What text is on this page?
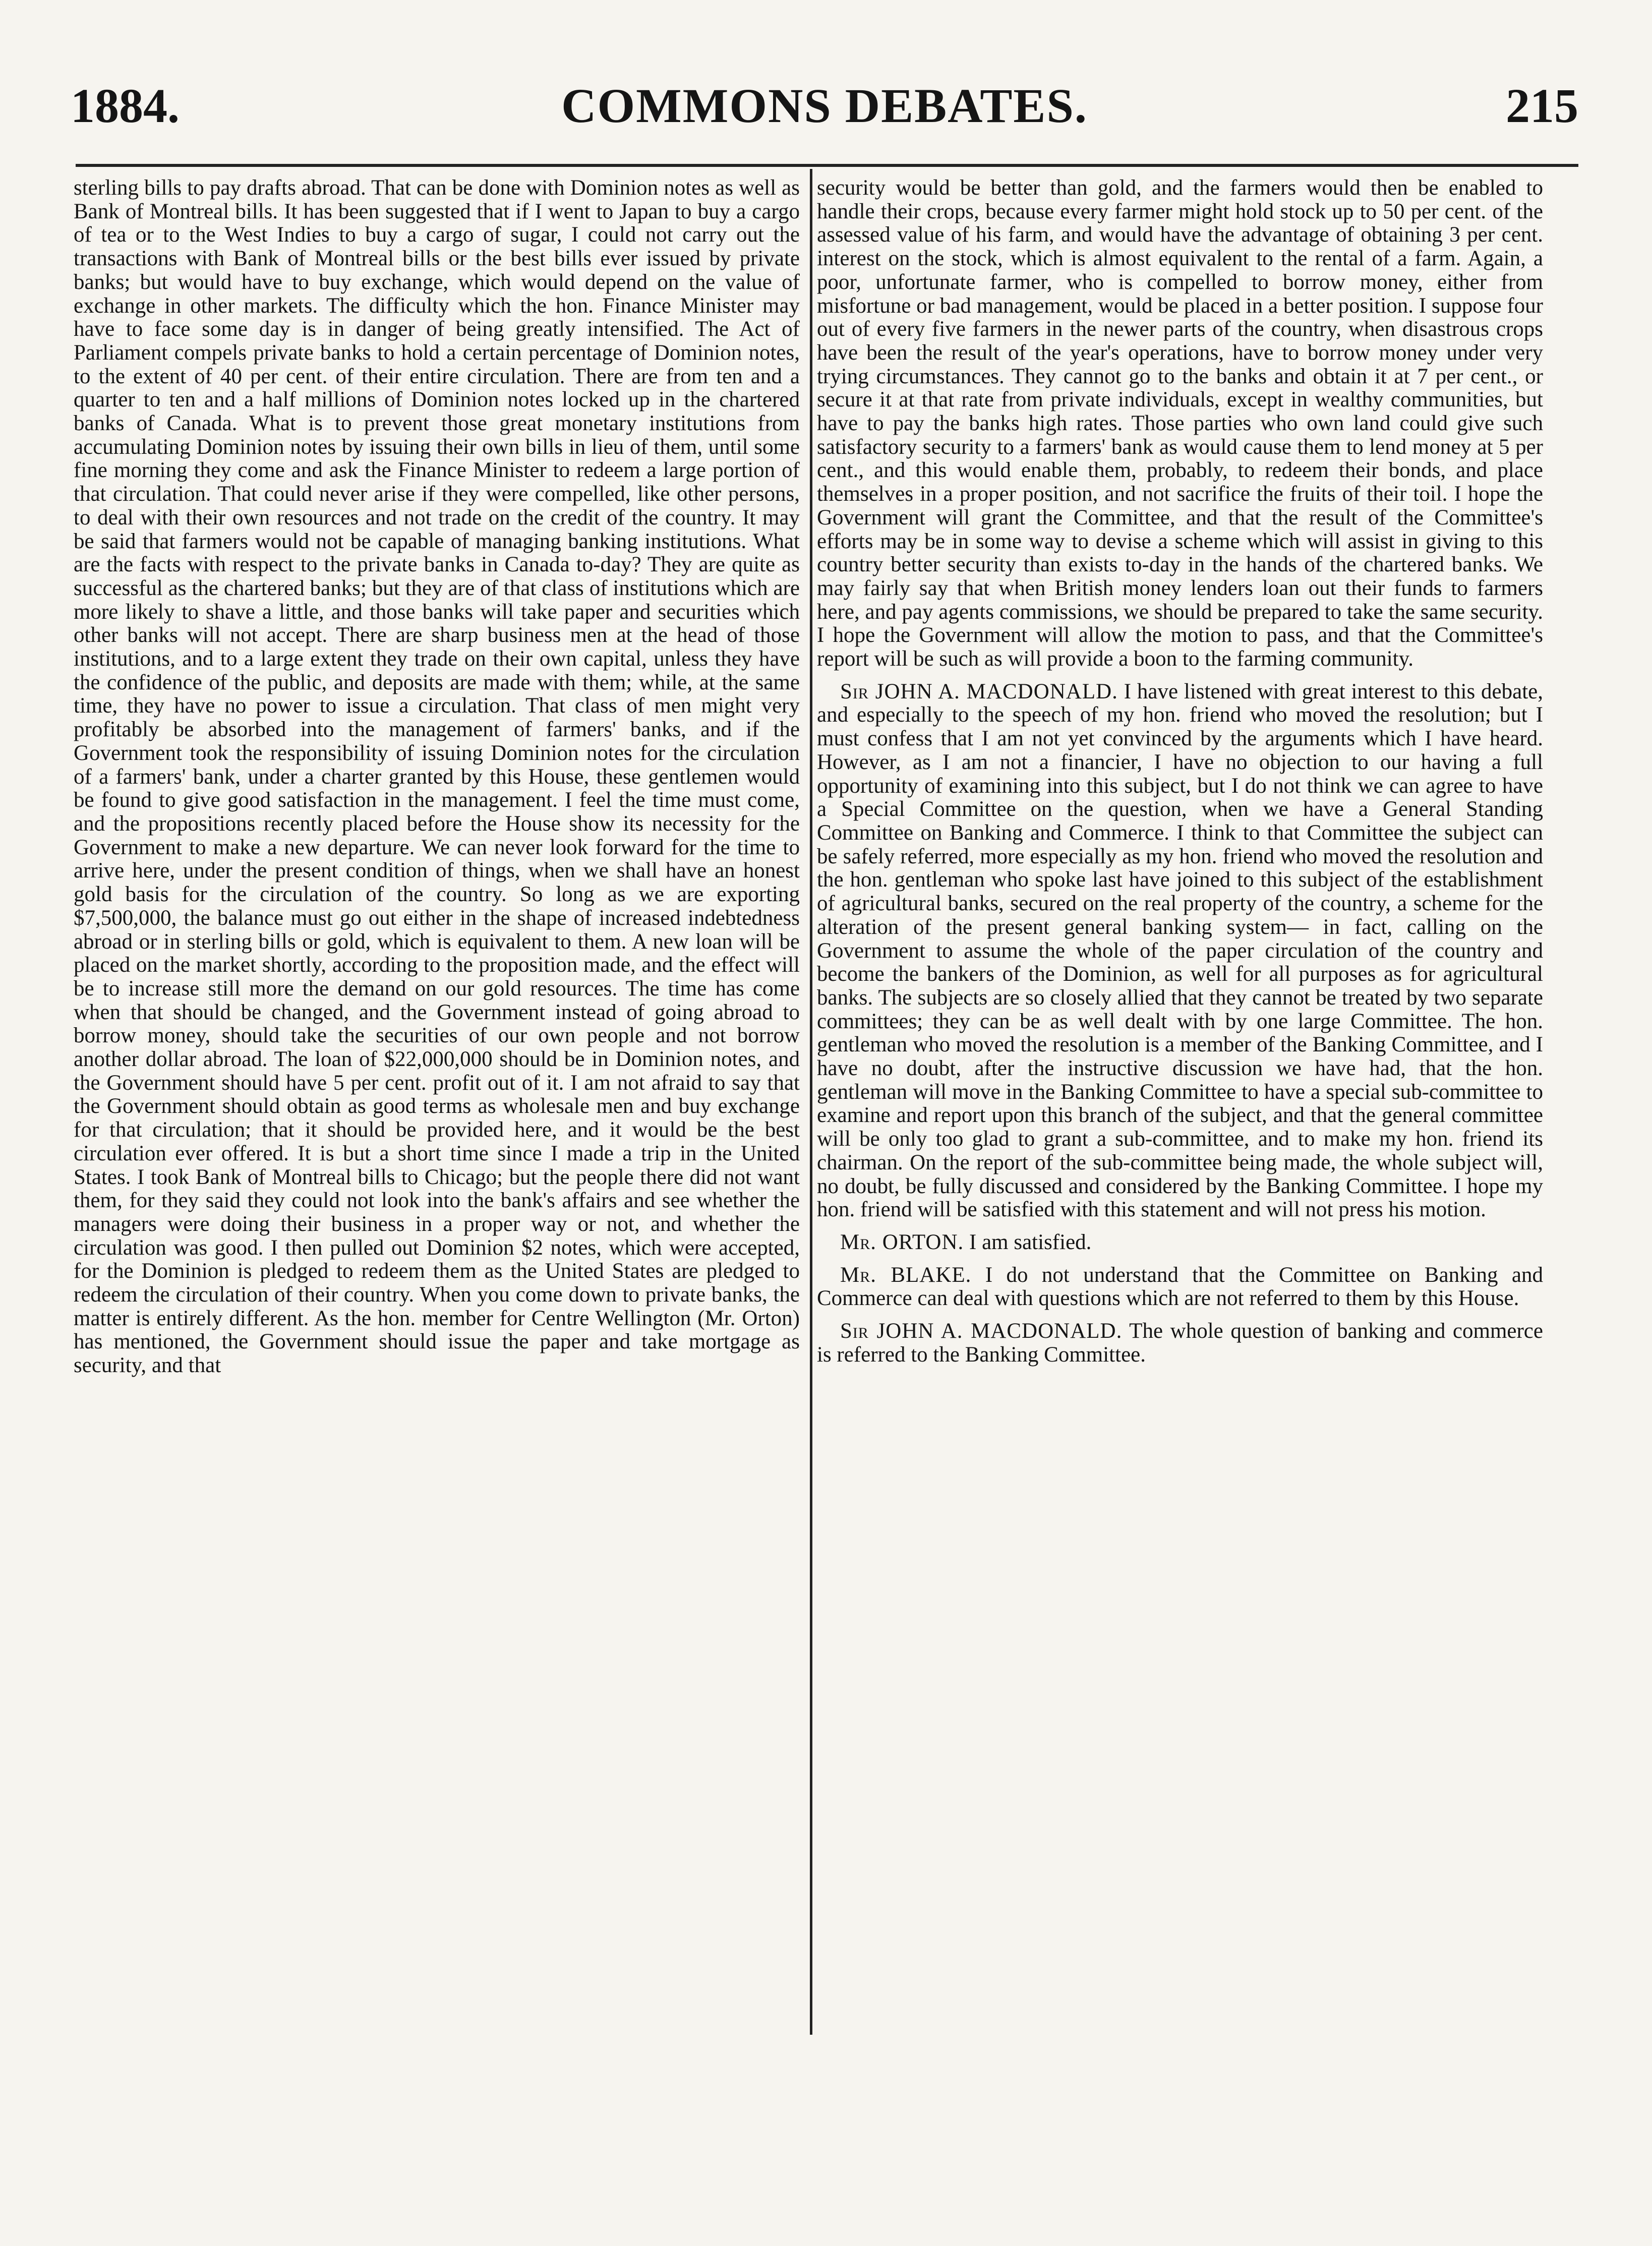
1884.	COMMONS DEBATES.	215

sterling bills to pay drafts abroad. That can be done with Dominion notes as well as Bank of Montreal bills. It has been suggested that if I went to Japan to buy a cargo of tea or to the West Indies to buy a cargo of sugar, I could not carry out the transactions with Bank of Montreal bills or the best bills ever issued by private banks; but would have to buy exchange, which would depend on the value of exchange in other markets. The difficulty which the hon. Finance Minister may have to face some day is in danger of being greatly intensified. The Act of Parliament compels private banks to hold a certain percentage of Dominion notes, to the extent of 40 per cent. of their entire circulation. There are from ten and a quarter to ten and a half millions of Dominion notes locked up in the chartered banks of Canada. What is to prevent those great monetary institutions from accumulating Dominion notes by issuing their own bills in lieu of them, until some fine morning they come and ask the Finance Minister to redeem a large portion of that circulation. That could never arise if they were compelled, like other persons, to deal with their own resources and not trade on the credit of the country. It may be said that farmers would not be capable of managing banking institutions. What are the facts with respect to the private banks in Canada to-day? They are quite as successful as the chartered banks; but they are of that class of institutions which are more likely to shave a little, and those banks will take paper and securities which other banks will not accept. There are sharp business men at the head of those institutions, and to a large extent they trade on their own capital, unless they have the confidence of the public, and deposits are made with them; while, at the same time, they have no power to issue a circulation. That class of men might very profitably be absorbed into the management of farmers' banks, and if the Government took the responsibility of issuing Dominion notes for the circulation of a farmers' bank, under a charter granted by this House, these gentlemen would be found to give good satisfaction in the management. I feel the time must come, and the propositions recently placed before the House show its necessity for the Government to make a new departure. We can never look forward for the time to arrive here, under the present condition of things, when we shall have an honest gold basis for the circulation of the country. So long as we are exporting $7,500,000, the balance must go out either in the shape of increased indebtedness abroad or in sterling bills or gold, which is equivalent to them. A new loan will be placed on the market shortly, according to the proposition made, and the effect will be to increase still more the demand on our gold resources. The time has come when that should be changed, and the Government instead of going abroad to borrow money, should take the securities of our own people and not borrow another dollar abroad. The loan of $22,000,000 should be in Dominion notes, and the Government should have 5 per cent. profit out of it. I am not afraid to say that the Government should obtain as good terms as wholesale men and buy exchange for that circulation; that it should be provided here, and it would be the best circulation ever offered. It is but a short time since I made a trip in the United States. I took Bank of Montreal bills to Chicago; but the people there did not want them, for they said they could not look into the bank's affairs and see whether the managers were doing their business in a proper way or not, and whether the circulation was good. I then pulled out Dominion $2 notes, which were accepted, for the Dominion is pledged to redeem them as the United States are pledged to redeem the circulation of their country. When you come down to private banks, the matter is entirely different. As the hon. member for Centre Wellington (Mr. Orton) has mentioned, the Government should issue the paper and take mortgage as security, and that

security would be better than gold, and the farmers would then be enabled to handle their crops, because every farmer might hold stock up to 50 per cent. of the assessed value of his farm, and would have the advantage of obtaining 3 per cent. interest on the stock, which is almost equivalent to the rental of a farm. Again, a poor, unfortunate farmer, who is compelled to borrow money, either from misfortune or bad management, would be placed in a better position. I suppose four out of every five farmers in the newer parts of the country, when disastrous crops have been the result of the year's operations, have to borrow money under very trying circumstances. They cannot go to the banks and obtain it at 7 per cent., or secure it at that rate from private individuals, except in wealthy communities, but have to pay the banks high rates. Those parties who own land could give such satisfactory security to a farmers' bank as would cause them to lend money at 5 per cent., and this would enable them, probably, to redeem their bonds, and place themselves in a proper position, and not sacrifice the fruits of their toil. I hope the Government will grant the Committee, and that the result of the Committee's efforts may be in some way to devise a scheme which will assist in giving to this country better security than exists to-day in the hands of the chartered banks. We may fairly say that when British money lenders loan out their funds to farmers here, and pay agents commissions, we should be prepared to take the same security. I hope the Government will allow the motion to pass, and that the Committee's report will be such as will provide a boon to the farming community.

Sir JOHN A. MACDONALD. I have listened with great interest to this debate, and especially to the speech of my hon. friend who moved the resolution; but I must confess that I am not yet convinced by the arguments which I have heard. However, as I am not a financier, I have no objection to our having a full opportunity of examining into this subject, but I do not think we can agree to have a Special Committee on the question, when we have a General Standing Committee on Banking and Commerce. I think to that Committee the subject can be safely referred, more especially as my hon. friend who moved the resolution and the hon. gentleman who spoke last have joined to this subject of the establishment of agricultural banks, secured on the real property of the country, a scheme for the alteration of the present general banking system— in fact, calling on the Government to assume the whole of the paper circulation of the country and become the bankers of the Dominion, as well for all purposes as for agricultural banks. The subjects are so closely allied that they cannot be treated by two separate committees; they can be as well dealt with by one large Committee. The hon. gentleman who moved the resolution is a member of the Banking Committee, and I have no doubt, after the instructive discussion we have had, that the hon. gentleman will move in the Banking Committee to have a special sub-committee to examine and report upon this branch of the subject, and that the general committee will be only too glad to grant a sub-committee, and to make my hon. friend its chairman. On the report of the sub-committee being made, the whole subject will, no doubt, be fully discussed and considered by the Banking Committee. I hope my hon. friend will be satisfied with this statement and will not press his motion.

Mr. ORTON. I am satisfied.

Mr. BLAKE. I do not understand that the Committee on Banking and Commerce can deal with questions which are not referred to them by this House.

Sir JOHN A. MACDONALD. The whole question of banking and commerce is referred to the Banking Committee.
